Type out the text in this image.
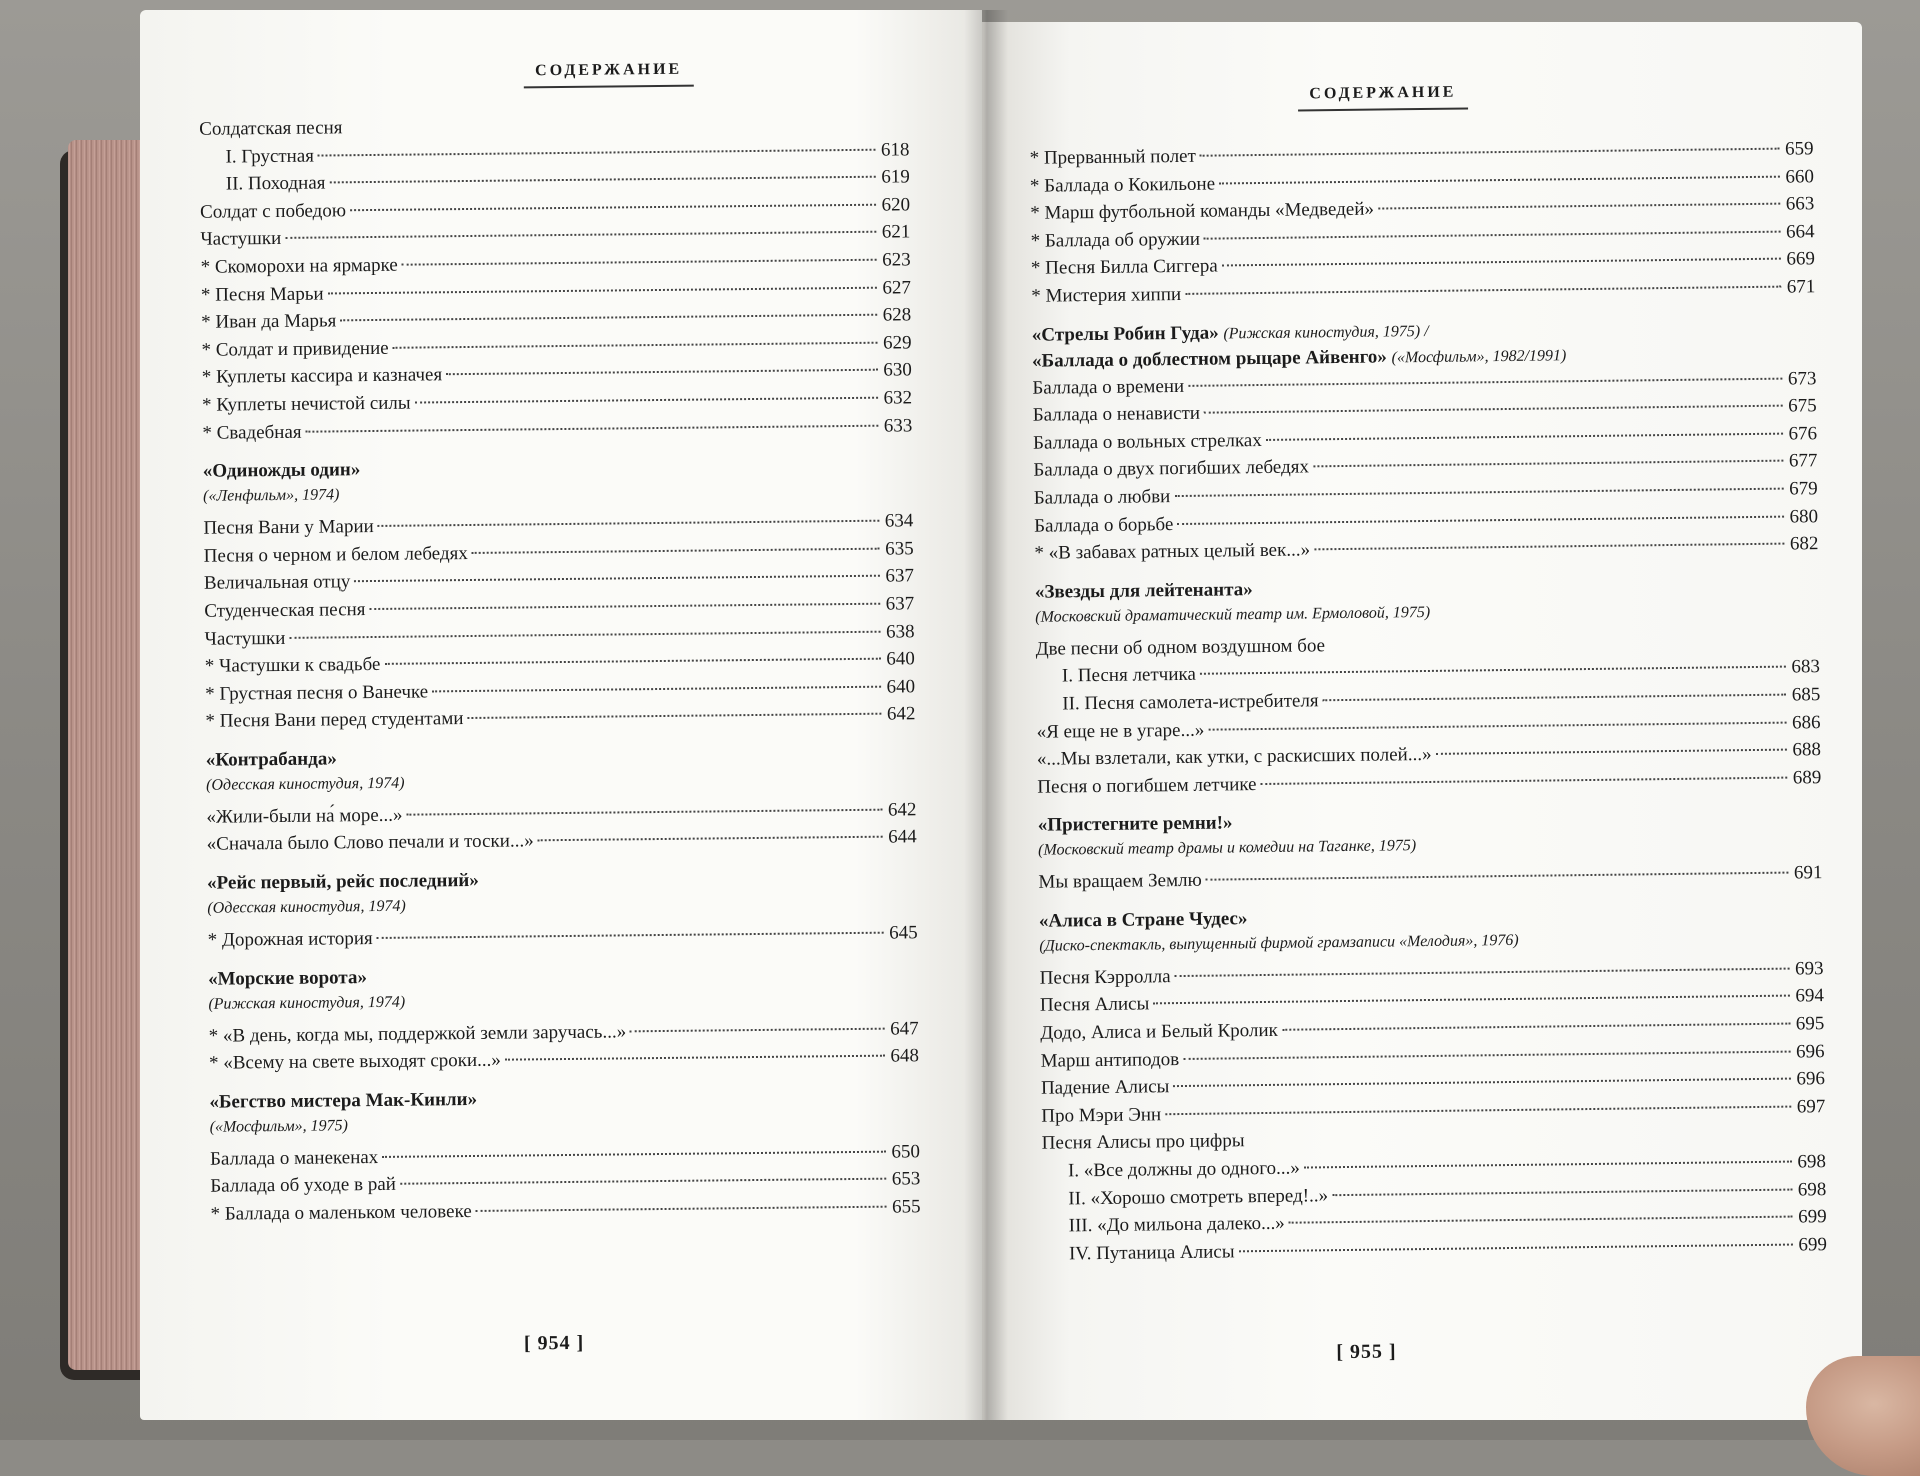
СОДЕРЖАНИЕ
Солдатская песня
I. Грустная	618
II. Походная	619
Солдат с победою	620
Частушки	621
* Скоморохи на ярмарке	623
* Песня Марьи	627
* Иван да Марья	628
* Солдат и привидение	629
* Куплеты кассира и казначея	630
* Куплеты нечистой силы	632
* Свадебная	633
«Одиножды один»
(«Ленфильм», 1974)
Песня Вани у Марии	634
Песня о черном и белом лебедях	635
Величальная отцу	637
Студенческая песня	637
Частушки	638
* Частушки к свадьбе	640
* Грустная песня о Ванечке	640
* Песня Вани перед студентами	642
«Контрабанда»
(Одесская киностудия, 1974)
«Жили-были на́ море...»	642
«Сначала было Слово печали и тоски...»	644
«Рейс первый, рейс последний»
(Одесская киностудия, 1974)
* Дорожная история	645
«Морские ворота»
(Рижская киностудия, 1974)
* «В день, когда мы, поддержкой земли заручась...»	647
* «Всему на свете выходят сроки...»	648
«Бегство мистера Мак-Кинли»
(«Мосфильм», 1975)
Баллада о манекенах	650
Баллада об уходе в рай	653
* Баллада о маленьком человеке	655
[ 954 ]
СОДЕРЖАНИЕ
* Прерванный полет	659
* Баллада о Кокильоне	660
* Марш футбольной команды «Медведей»	663
* Баллада об оружии	664
* Песня Билла Сиггера	669
* Мистерия хиппи	671
«Стрелы Робин Гуда» (Рижская киностудия, 1975) /
«Баллада о доблестном рыцаре Айвенго» («Мосфильм», 1982/1991)
Баллада о времени	673
Баллада о ненависти	675
Баллада о вольных стрелках	676
Баллада о двух погибших лебедях	677
Баллада о любви	679
Баллада о борьбе	680
* «В забавах ратных целый век...»	682
«Звезды для лейтенанта»
(Московский драматический театр им. Ермоловой, 1975)
Две песни об одном воздушном бое
I. Песня летчика	683
II. Песня самолета-истребителя	685
«Я еще не в угаре...»	686
«...Мы взлетали, как утки, с раскисших полей...»	688
Песня о погибшем летчике	689
«Пристегните ремни!»
(Московский театр драмы и комедии на Таганке, 1975)
Мы вращаем Землю	691
«Алиса в Стране Чудес»
(Диско-спектакль, выпущенный фирмой грамзаписи «Мелодия», 1976)
Песня Кэрролла	693
Песня Алисы	694
Додо, Алиса и Белый Кролик	695
Марш антиподов	696
Падение Алисы	696
Про Мэри Энн	697
Песня Алисы про цифры
I. «Все должны до одного...»	698
II. «Хорошо смотреть вперед!..»	698
III. «До мильона далеко...»	699
IV. Путаница Алисы	699
[ 955 ]
